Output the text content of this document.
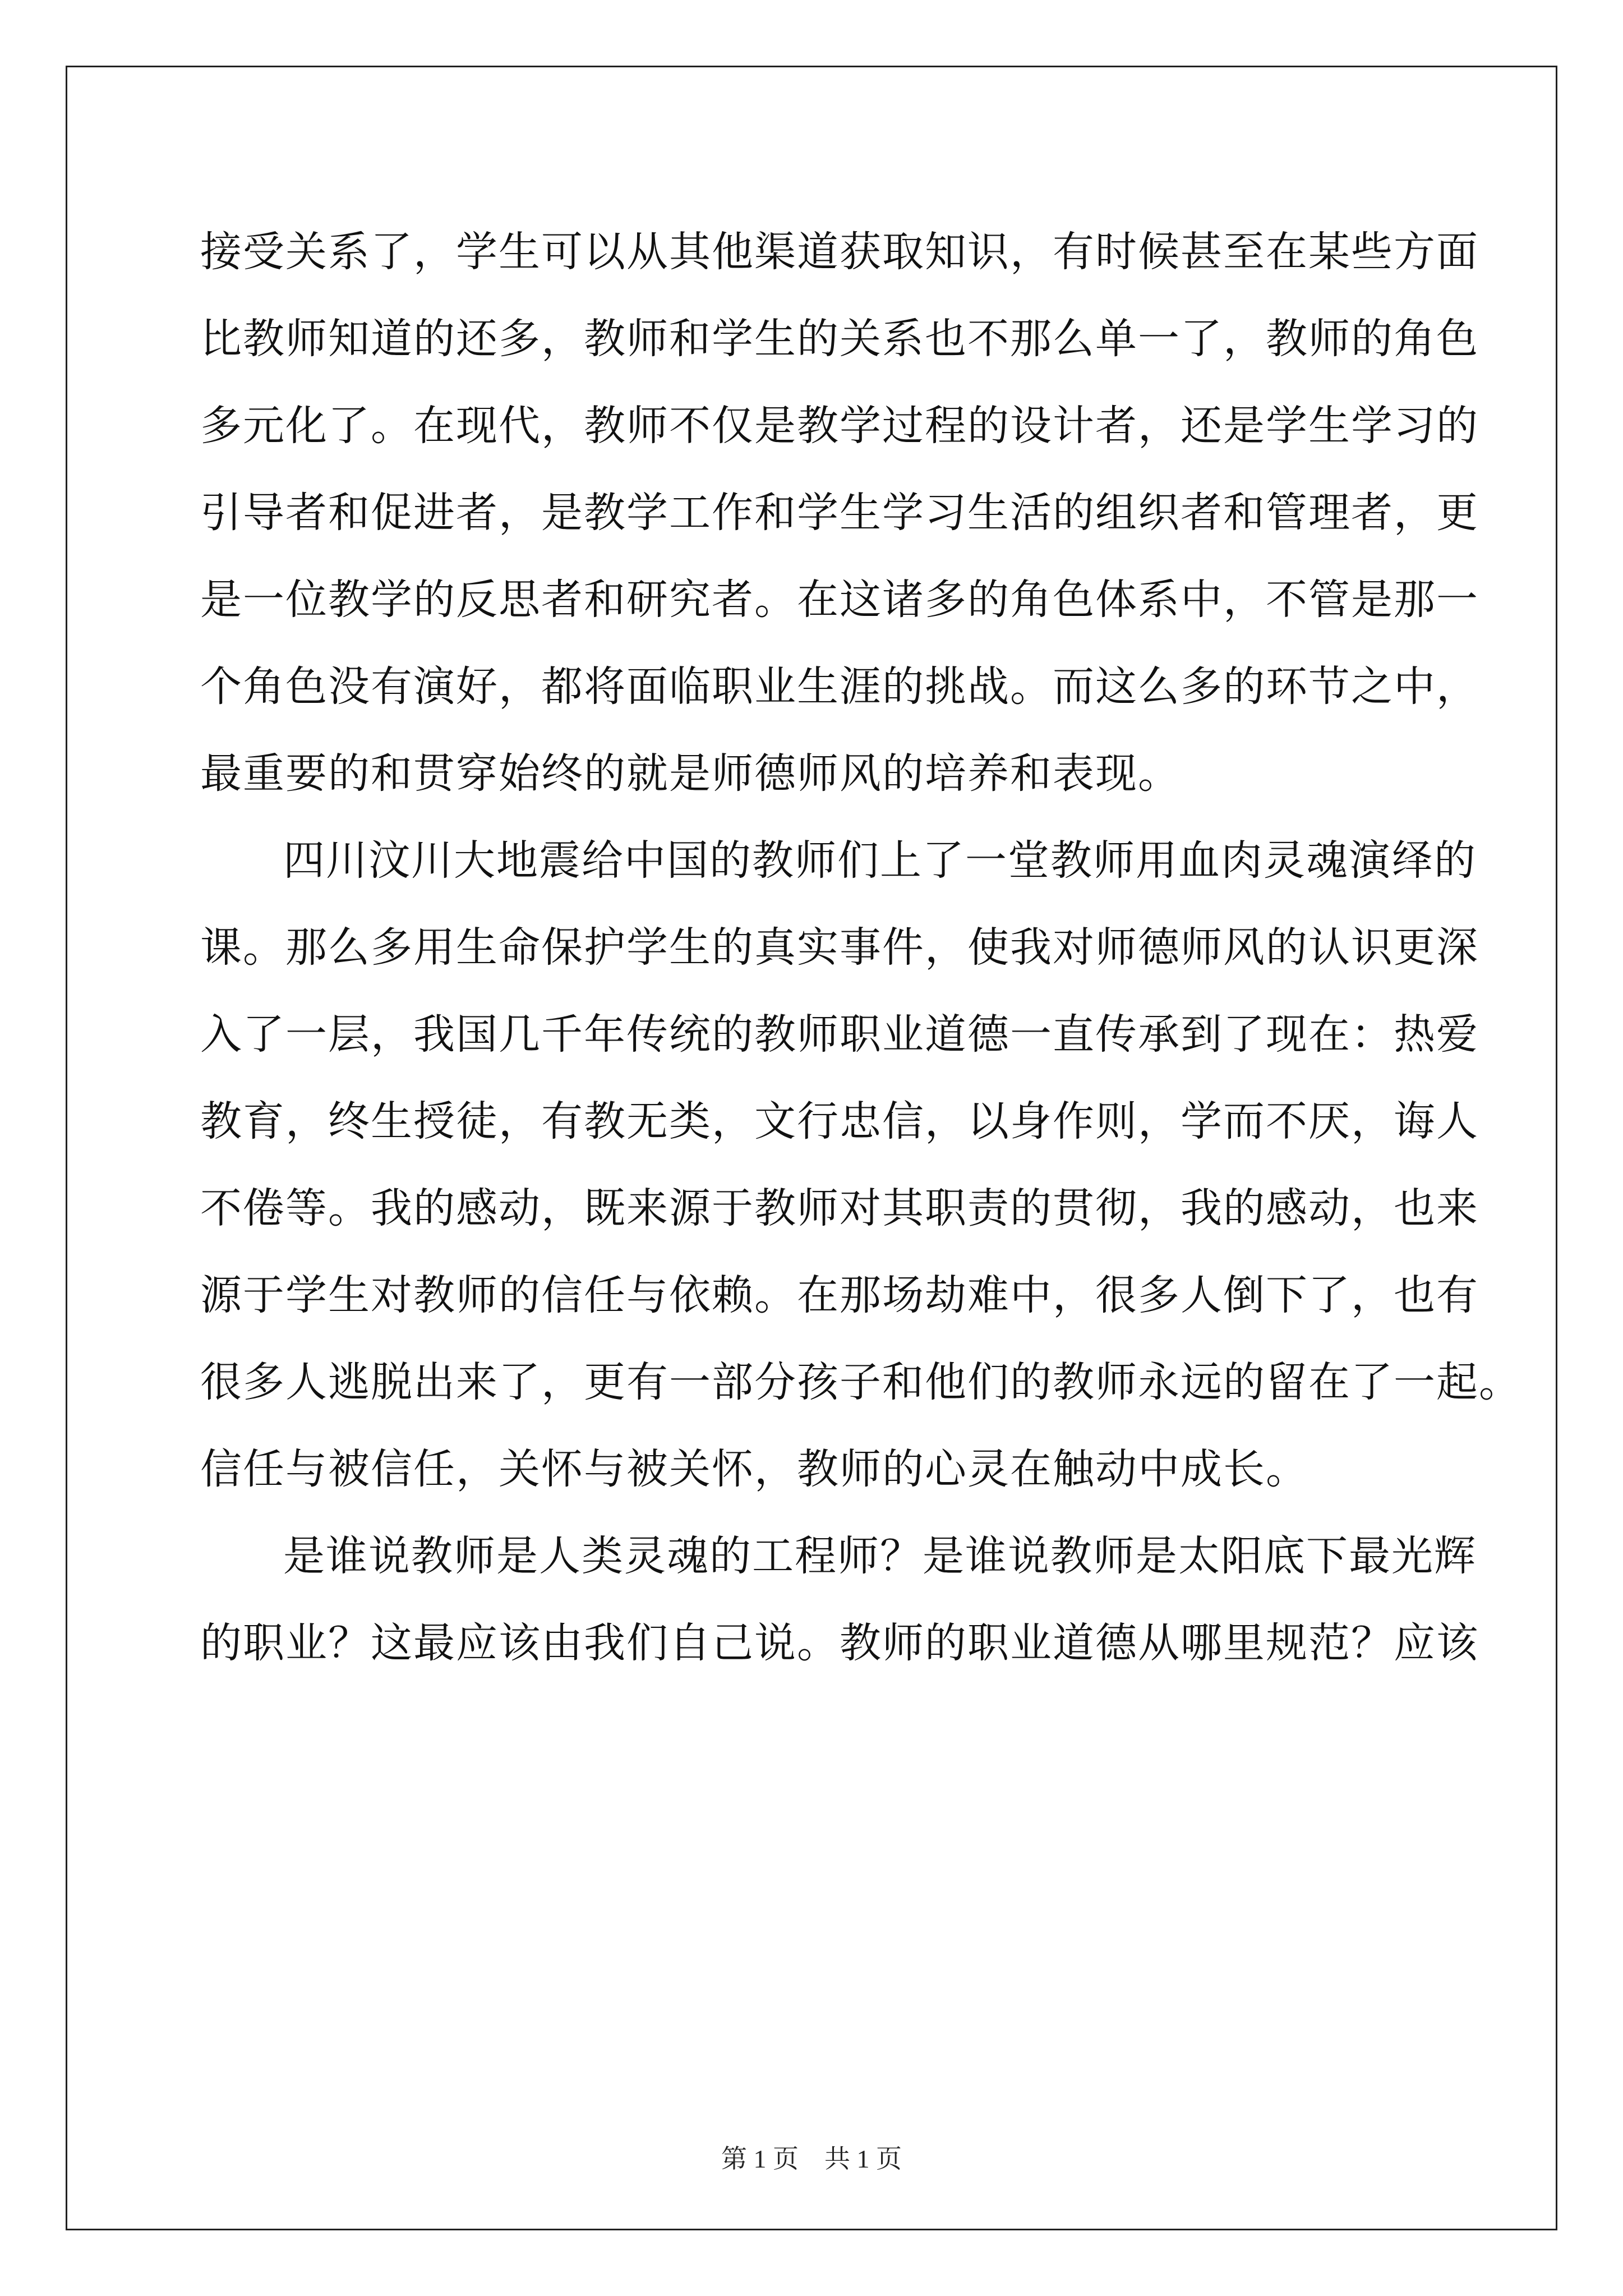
接受关系了，学生可以从其他渠道获取知识，有时候甚至在某些方面
比教师知道的还多，教师和学生的关系也不那么单一了，教师的角色
多元化了。在现代，教师不仅是教学过程的设计者，还是学生学习的
引导者和促进者，是教学工作和学生学习生活的组织者和管理者，更
是一位教学的反思者和研究者。在这诸多的角色体系中，不管是那一
个角色没有演好，都将面临职业生涯的挑战。而这么多的环节之中，
最重要的和贯穿始终的就是师德师风的培养和表现。
四川汶川大地震给中国的教师们上了一堂教师用血肉灵魂演绎的
课。那么多用生命保护学生的真实事件，使我对师德师风的认识更深
入了一层，我国几千年传统的教师职业道德一直传承到了现在：热爱
教育，终生授徒，有教无类，文行忠信，以身作则，学而不厌，诲人
不倦等。我的感动，既来源于教师对其职责的贯彻，我的感动，也来
源于学生对教师的信任与依赖。在那场劫难中，很多人倒下了，也有
很多人逃脱出来了，更有一部分孩子和他们的教师永远的留在了一起。
信任与被信任，关怀与被关怀，教师的心灵在触动中成长。
是谁说教师是人类灵魂的工程师？是谁说教师是太阳底下最光辉
的职业？这最应该由我们自己说。教师的职业道德从哪里规范？应该
第 1 页    共 1 页
